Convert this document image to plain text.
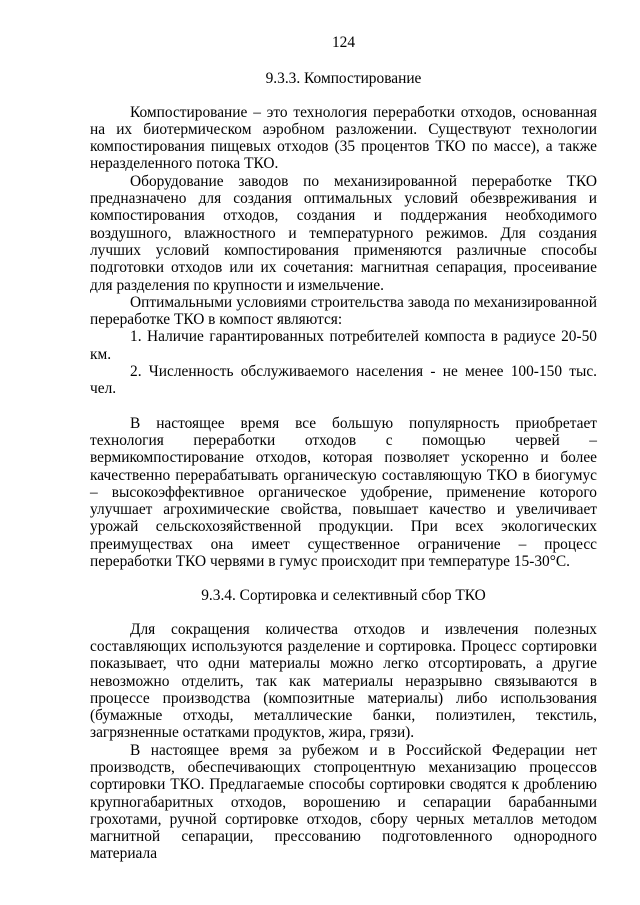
124
9.3.3. Компостирование

Компостирование – это технология переработки отходов, основанная на их биотермическом аэробном разложении. Существуют технологии компостирования пищевых отходов (35 процентов ТКО по массе), а также неразделенного потока ТКО.

Оборудование заводов по механизированной переработке ТКО предназначено для создания оптимальных условий обезвреживания и компостирования отходов, создания и поддержания необходимого воздушного, влажностного и температурного режимов. Для создания лучших условий компостирования применяются различные способы подготовки отходов или их сочетания: магнитная сепарация, просеивание для разделения по крупности и измельчение.

Оптимальными условиями строительства завода по механизированной переработке ТКО в компост являются:

1. Наличие гарантированных потребителей компоста в радиусе 20-50 км.

2. Численность обслуживаемого населения - не менее 100-150 тыс. чел.

В настоящее время все большую популярность приобретает технология переработки отходов с помощью червей – вермикомпостирование отходов, которая позволяет ускоренно и более качественно перерабатывать органическую составляющую ТКО в биогумус – высокоэффективное органическое удобрение, применение которого улучшает агрохимические свойства, повышает качество и увеличивает урожай сельскохозяйственной продукции. При всех экологических преимуществах она имеет существенное ограничение – процесс переработки ТКО червями в гумус происходит при температуре 15-30°С.

9.3.4. Сортировка и селективный сбор ТКО

Для сокращения количества отходов и извлечения полезных составляющих используются разделение и сортировка. Процесс сортировки показывает, что одни материалы можно легко отсортировать, а другие невозможно отделить, так как материалы неразрывно связываются в процессе производства (композитные материалы) либо использования (бумажные отходы, металлические банки, полиэтилен, текстиль, загрязненные остатками продуктов, жира, грязи).

В настоящее время за рубежом и в Российской Федерации нет производств, обеспечивающих стопроцентную механизацию процессов сортировки ТКО. Предлагаемые способы сортировки сводятся к дроблению крупногабаритных отходов, ворошению и сепарации барабанными грохотами, ручной сортировке отходов, сбору черных металлов методом магнитной сепарации, прессованию подготовленного однородного материала
